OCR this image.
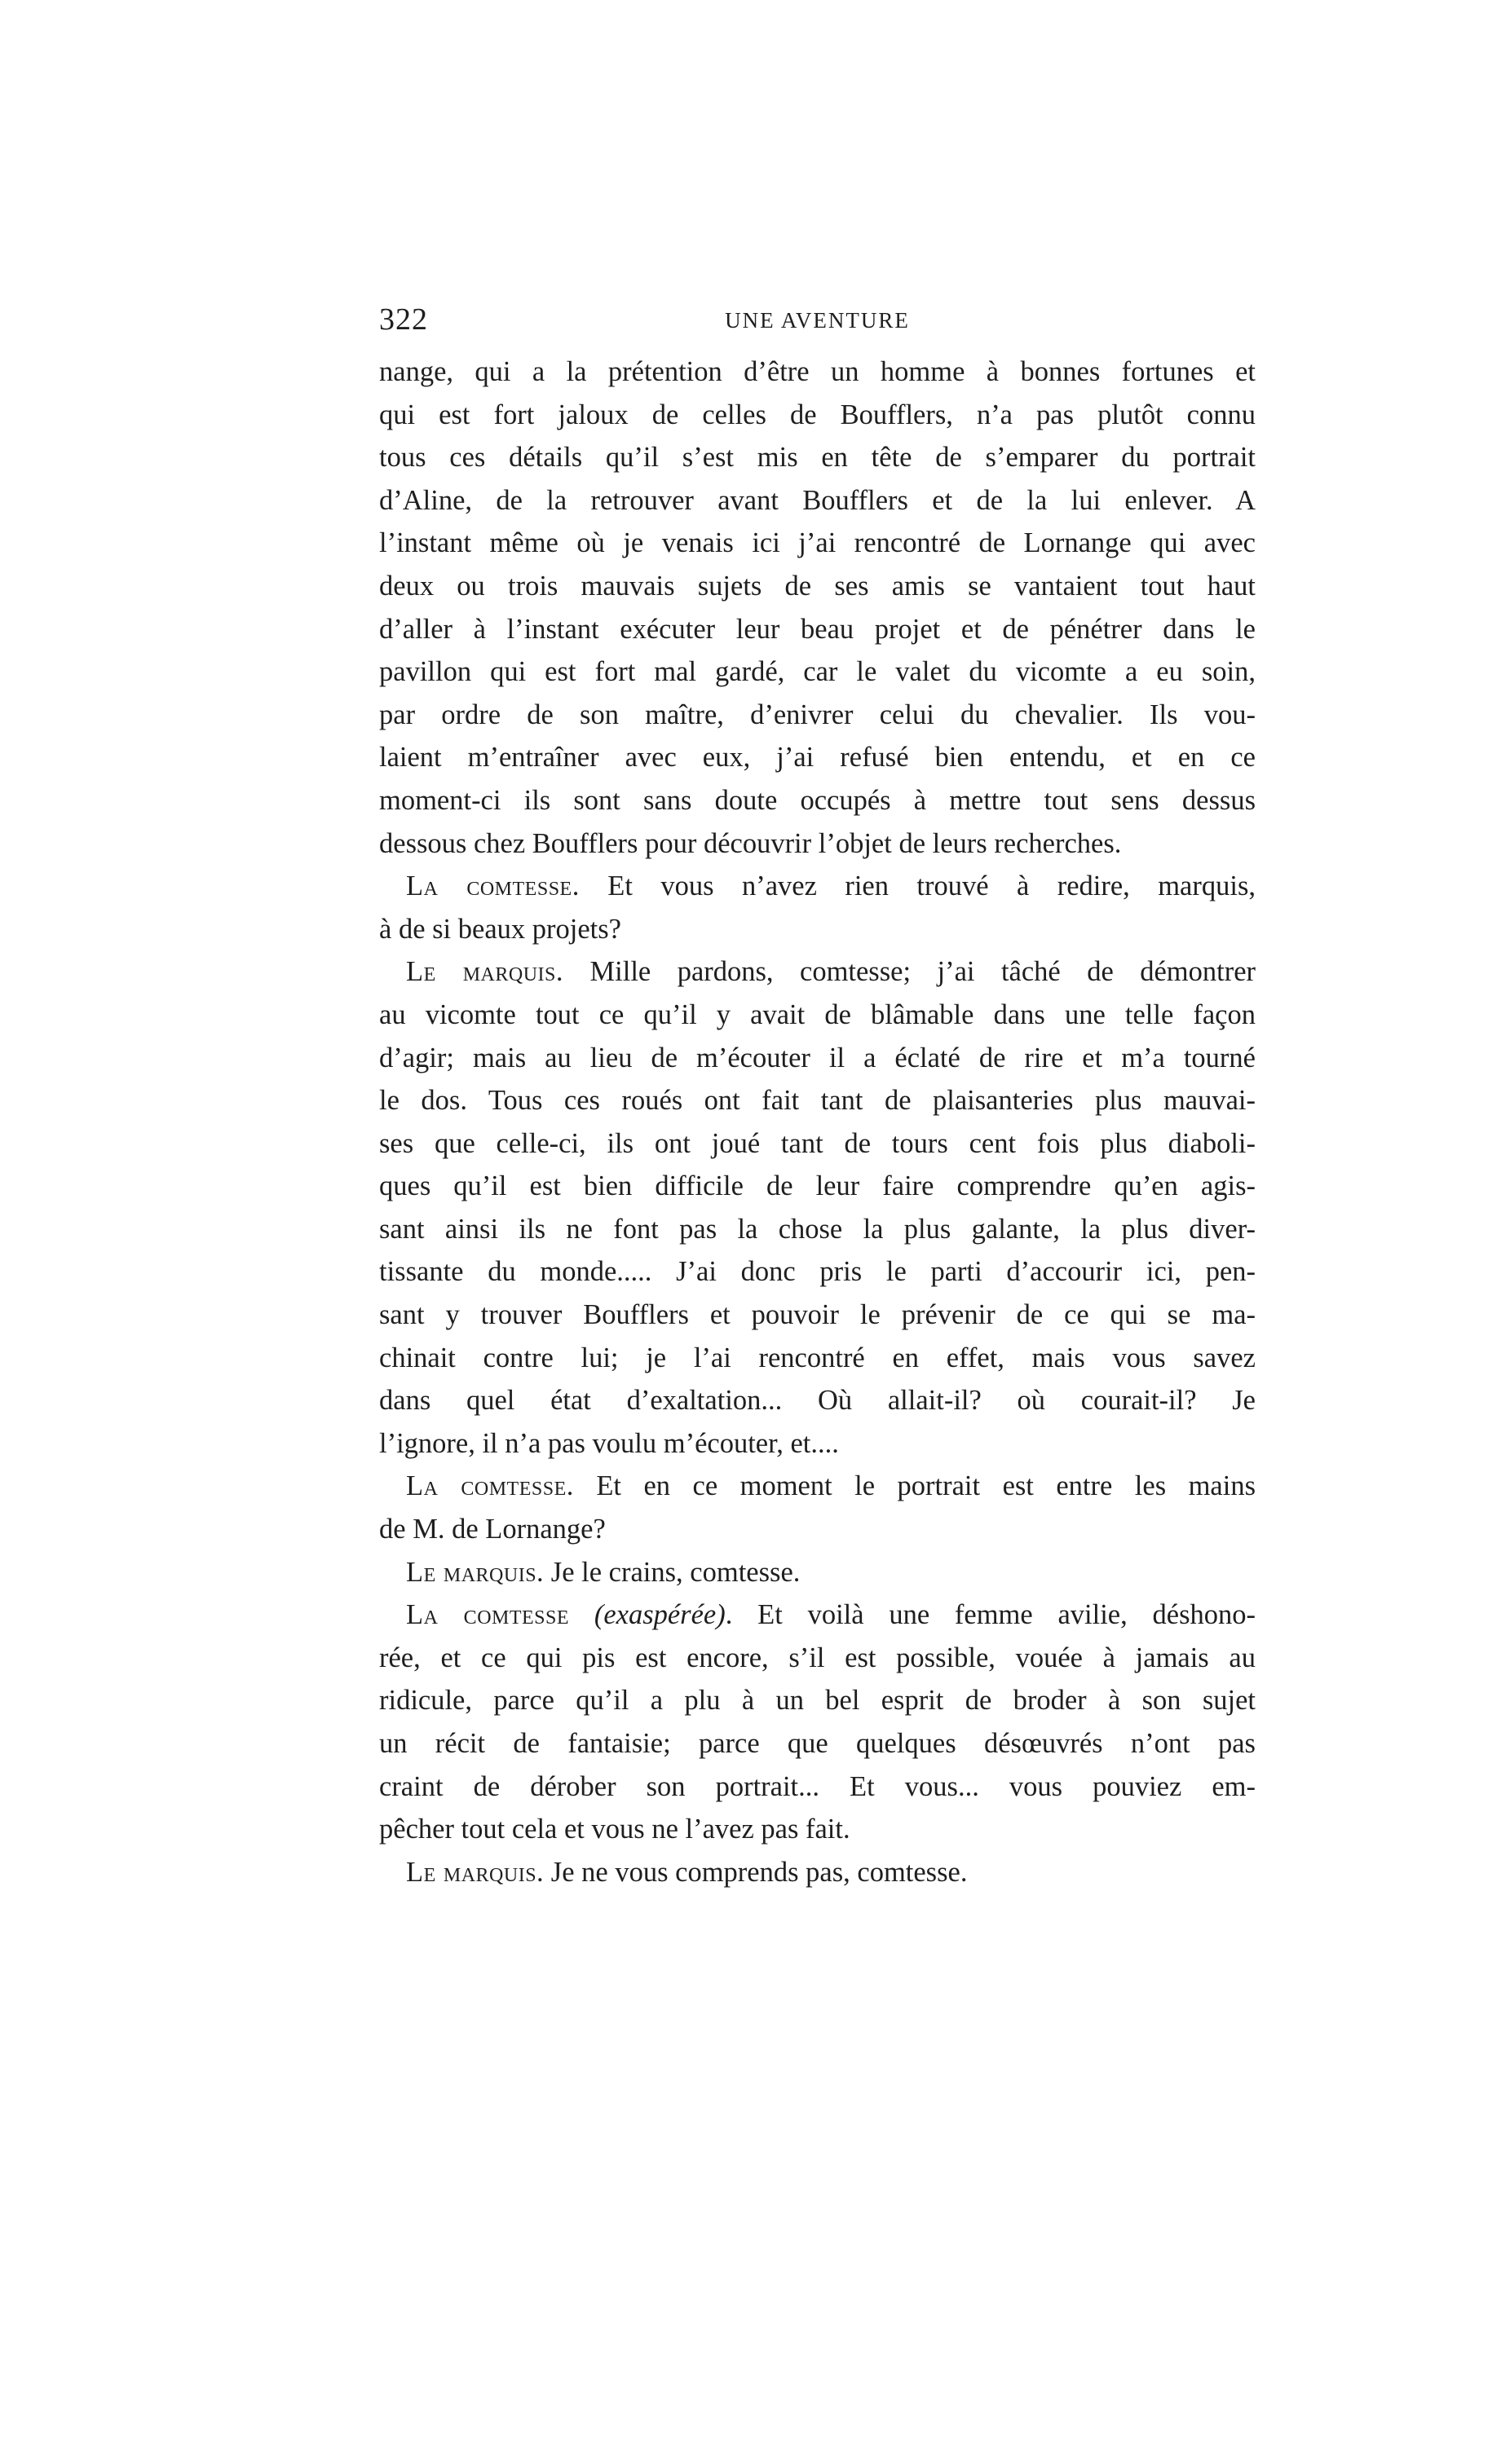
322	UNE AVENTURE
nange, qui a la prétention d’être un homme à bonnes fortunes et
qui est fort jaloux de celles de Boufflers, n’a pas plutôt connu
tous ces détails qu’il s’est mis en tête de s’emparer du portrait
d’Aline, de la retrouver avant Boufflers et de la lui enlever. A
l’instant même où je venais ici j’ai rencontré de Lornange qui avec
deux ou trois mauvais sujets de ses amis se vantaient tout haut
d’aller à l’instant exécuter leur beau projet et de pénétrer dans le
pavillon qui est fort mal gardé, car le valet du vicomte a eu soin,
par ordre de son maître, d’enivrer celui du chevalier. Ils vou-
laient m’entraîner avec eux, j’ai refusé bien entendu, et en ce
moment-ci ils sont sans doute occupés à mettre tout sens dessus
dessous chez Boufflers pour découvrir l’objet de leurs recherches.
La comtesse. Et vous n’avez rien trouvé à redire, marquis,
à de si beaux projets?
Le marquis. Mille pardons, comtesse; j’ai tâché de démontrer
au vicomte tout ce qu’il y avait de blâmable dans une telle façon
d’agir; mais au lieu de m’écouter il a éclaté de rire et m’a tourné
le dos. Tous ces roués ont fait tant de plaisanteries plus mauvai-
ses que celle-ci, ils ont joué tant de tours cent fois plus diaboli-
ques qu’il est bien difficile de leur faire comprendre qu’en agis-
sant ainsi ils ne font pas la chose la plus galante, la plus diver-
tissante du monde..... J’ai donc pris le parti d’accourir ici, pen-
sant y trouver Boufflers et pouvoir le prévenir de ce qui se ma-
chinait contre lui; je l’ai rencontré en effet, mais vous savez
dans quel état d’exaltation... Où allait-il? où courait-il? Je
l’ignore, il n’a pas voulu m’écouter, et....
La comtesse. Et en ce moment le portrait est entre les mains
de M. de Lornange?
Le marquis. Je le crains, comtesse.
La comtesse (exaspérée). Et voilà une femme avilie, déshono-
rée, et ce qui pis est encore, s’il est possible, vouée à jamais au
ridicule, parce qu’il a plu à un bel esprit de broder à son sujet
un récit de fantaisie; parce que quelques désœuvrés n’ont pas
craint de dérober son portrait... Et vous... vous pouviez em-
pêcher tout cela et vous ne l’avez pas fait.
Le marquis. Je ne vous comprends pas, comtesse.
